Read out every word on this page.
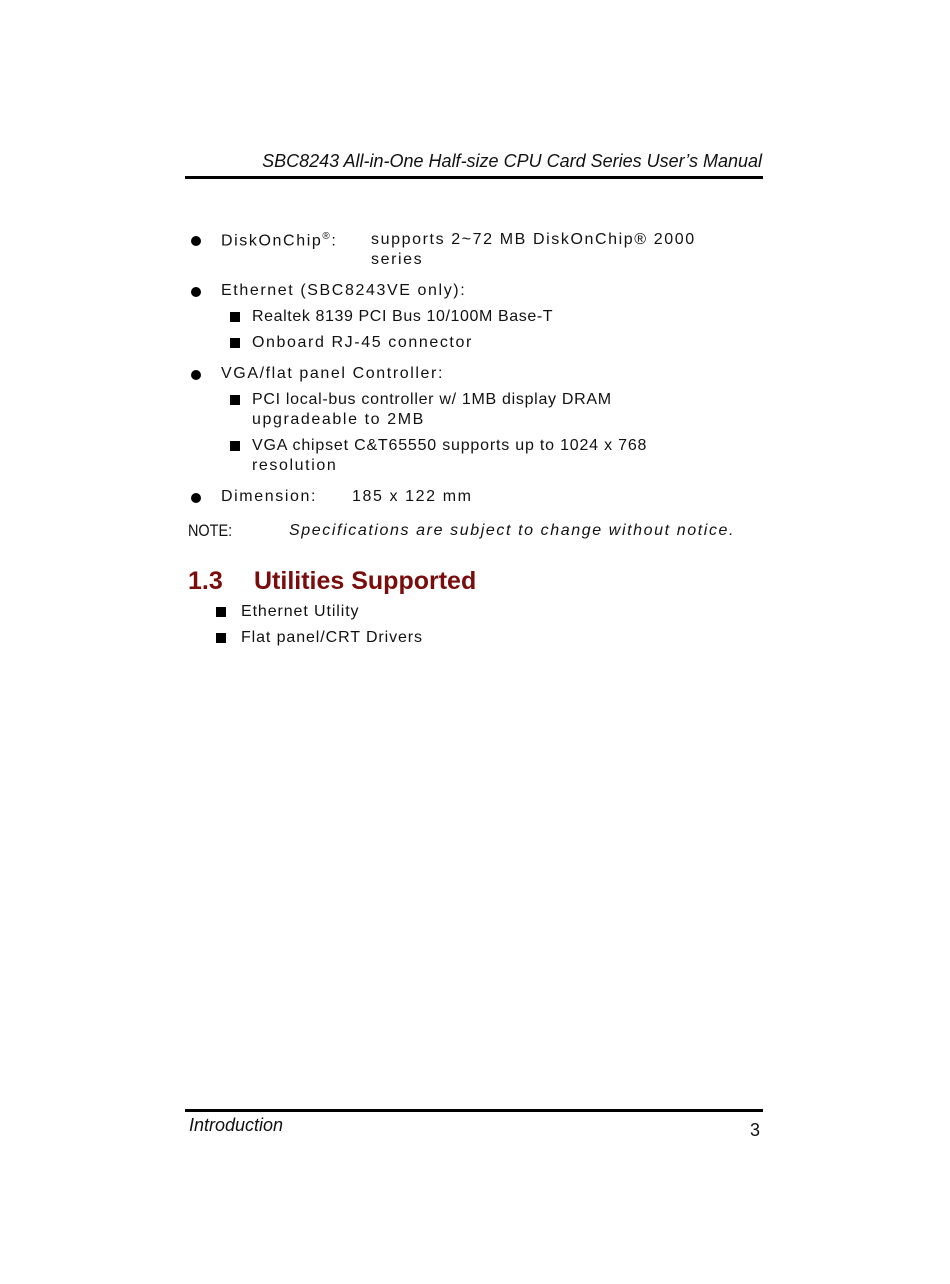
SBC8243 All-in-One Half-size CPU Card Series User’s Manual
DiskOnChip®: supports 2~72 MB DiskOnChip® 2000
series
Ethernet (SBC8243VE only):
Realtek 8139 PCI Bus 10/100M Base-T
Onboard RJ-45 connector
VGA/flat panel Controller:
PCI local-bus controller w/ 1MB display DRAM
upgradeable to 2MB
VGA chipset C&T65550 supports up to 1024 x 768
resolution
Dimension: 185 x 122 mm
NOTE:	Specifications are subject to change without notice.
1.3 Utilities Supported
Ethernet Utility
Flat panel/CRT Drivers
Introduction	3
